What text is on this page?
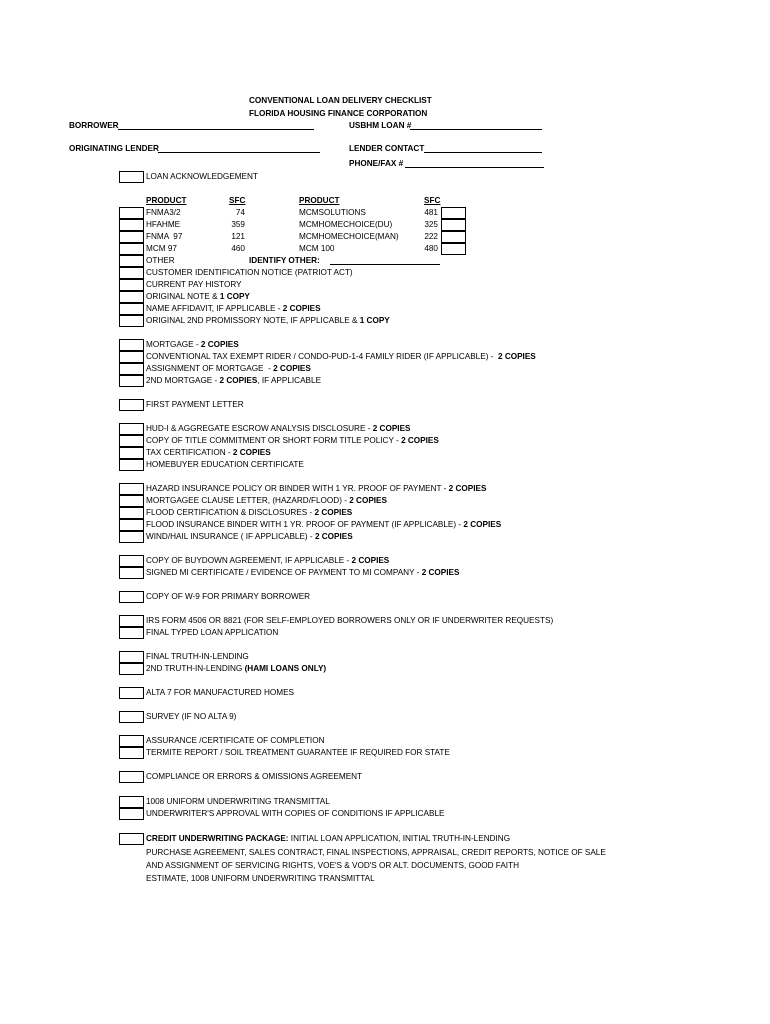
CONVENTIONAL LOAN DELIVERY CHECKLIST
FLORIDA HOUSING FINANCE CORPORATION
BORROWER	USBHM LOAN #
ORIGINATING LENDER	LENDER CONTACT
PHONE/FAX #
LOAN ACKNOWLEDGEMENT
PRODUCT	SFC	PRODUCT	SFC
FNMA3/2	74	MCMSOLUTIONS	481
HFAHME	359	MCMHOMECHOICE(DU)	325
FNMA  97	121	MCMHOMECHOICE(MAN)	222
MCM 97	460	MCM 100	480
OTHER	IDENTIFY OTHER:
CUSTOMER IDENTIFICATION NOTICE (PATRIOT ACT)
CURRENT PAY HISTORY
ORIGINAL NOTE & 1 COPY
NAME AFFIDAVIT, IF APPLICABLE - 2 COPIES
ORIGINAL 2ND PROMISSORY NOTE, IF APPLICABLE & 1 COPY
MORTGAGE - 2 COPIES
CONVENTIONAL TAX EXEMPT RIDER / CONDO-PUD-1-4 FAMILY RIDER (IF APPLICABLE) -  2 COPIES
ASSIGNMENT OF MORTGAGE  - 2 COPIES
2ND MORTGAGE - 2 COPIES, IF APPLICABLE
FIRST PAYMENT LETTER
HUD-I & AGGREGATE ESCROW ANALYSIS DISCLOSURE - 2 COPIES
COPY OF TITLE COMMITMENT OR SHORT FORM TITLE POLICY - 2 COPIES
TAX CERTIFICATION - 2 COPIES
HOMEBUYER EDUCATION CERTIFICATE
HAZARD INSURANCE POLICY OR BINDER WITH 1 YR. PROOF OF PAYMENT - 2 COPIES
MORTGAGEE CLAUSE LETTER, (HAZARD/FLOOD) - 2 COPIES
FLOOD CERTIFICATION & DISCLOSURES - 2 COPIES
FLOOD INSURANCE BINDER WITH 1 YR. PROOF OF PAYMENT (IF APPLICABLE) - 2 COPIES
WIND/HAIL INSURANCE ( IF APPLICABLE) - 2 COPIES
COPY OF BUYDOWN AGREEMENT, IF APPLICABLE - 2 COPIES
SIGNED MI CERTIFICATE / EVIDENCE OF PAYMENT TO MI COMPANY - 2 COPIES
COPY OF W-9 FOR PRIMARY BORROWER
IRS FORM 4506 OR 8821 (FOR SELF-EMPLOYED BORROWERS ONLY OR IF UNDERWRITER REQUESTS)
FINAL TYPED LOAN APPLICATION
FINAL TRUTH-IN-LENDING
2ND TRUTH-IN-LENDING (HAMI LOANS ONLY)
ALTA 7 FOR MANUFACTURED HOMES
SURVEY (IF NO ALTA 9)
ASSURANCE /CERTIFICATE OF COMPLETION
TERMITE REPORT / SOIL TREATMENT GUARANTEE IF REQUIRED FOR STATE
COMPLIANCE OR ERRORS & OMISSIONS AGREEMENT
1008 UNIFORM UNDERWRITING TRANSMITTAL
UNDERWRITER'S APPROVAL WITH COPIES OF CONDITIONS IF APPLICABLE
CREDIT UNDERWRITING PACKAGE: INITIAL LOAN APPLICATION, INITIAL TRUTH-IN-LENDING
PURCHASE AGREEMENT, SALES CONTRACT, FINAL INSPECTIONS, APPRAISAL, CREDIT REPORTS, NOTICE OF SALE
AND ASSIGNMENT OF SERVICING RIGHTS, VOE'S & VOD'S OR ALT. DOCUMENTS, GOOD FAITH
ESTIMATE, 1008 UNIFORM UNDERWRITING TRANSMITTAL
